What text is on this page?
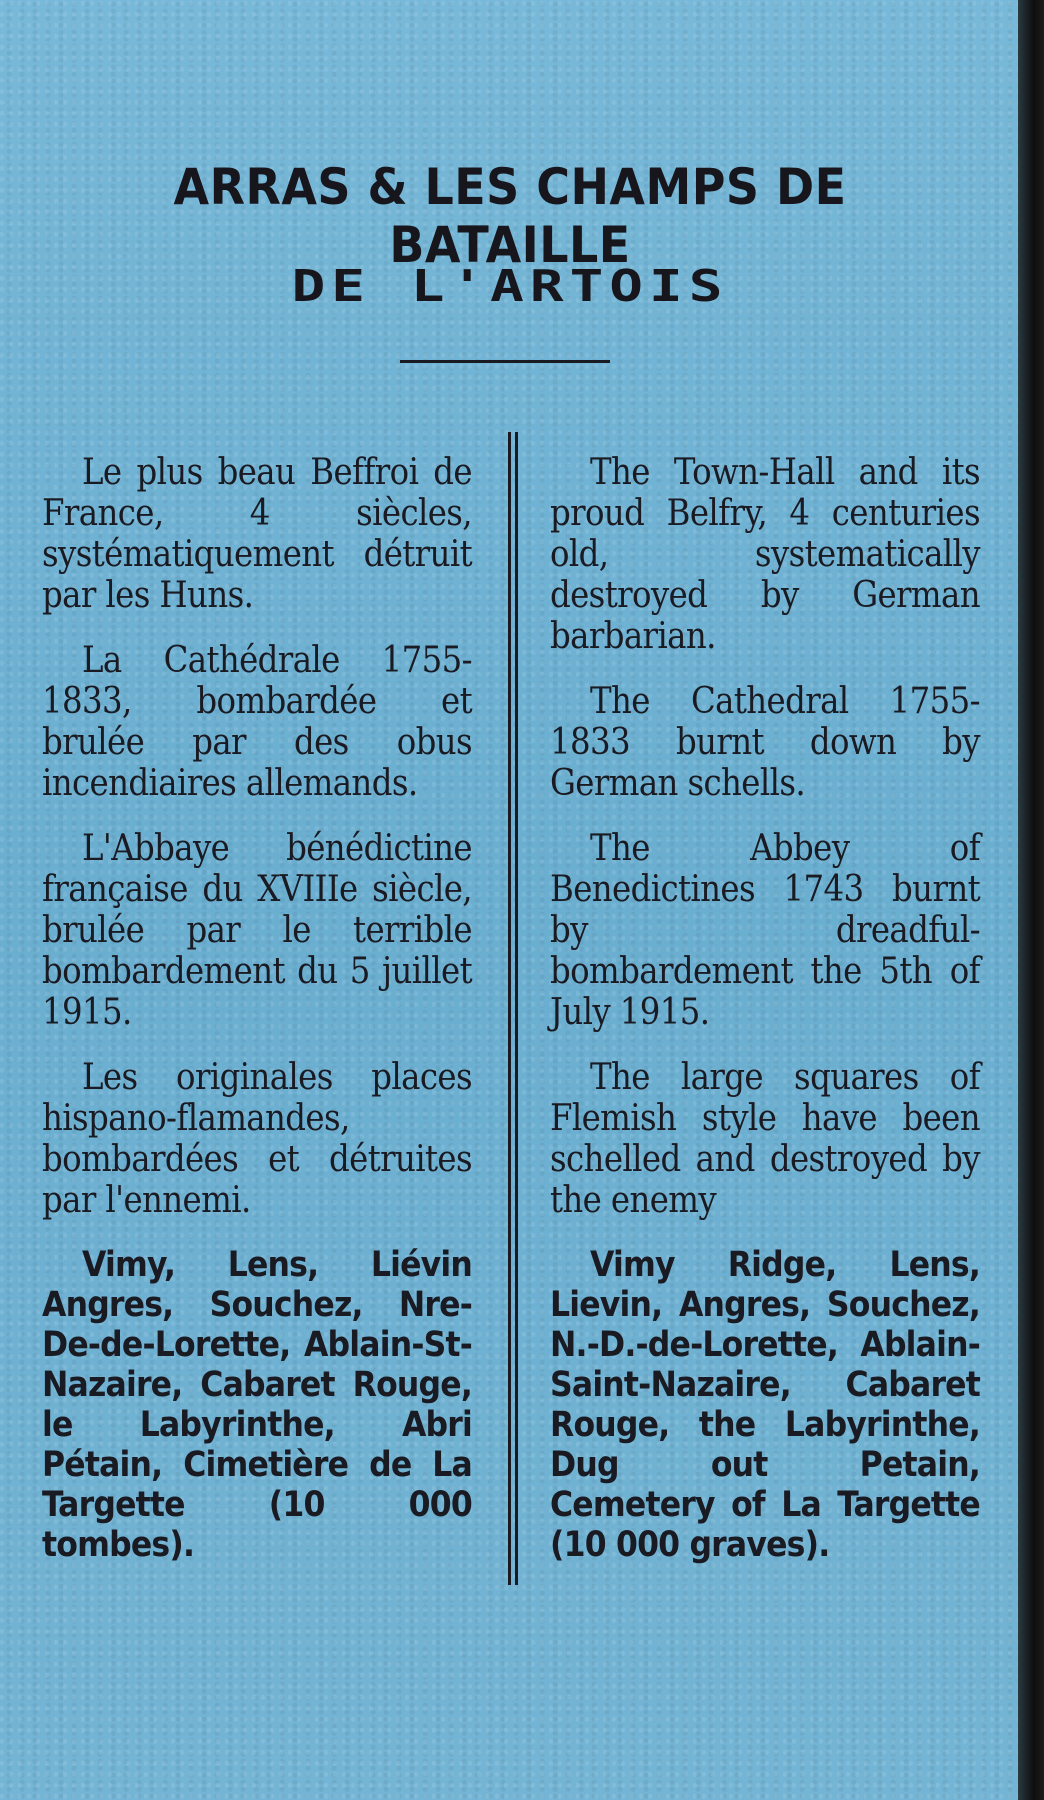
ARRAS & LES CHAMPS DE BATAILLE
DE L'ARTOIS

Le plus beau Beffroi de France, 4 siècles, systématiquement détruit par les Huns.

La Cathédrale 1755-1833, bombardée et brulée par des obus incendiaires allemands.

L'Abbaye bénédictine française du XVIIIe siècle, brulée par le terrible bombardement du 5 juillet 1915.

Les originales places hispano-flamandes, bombardées et détruites par l'ennemi.

Vimy, Lens, Liévin Angres, Souchez, Nre-De-de-Lorette, Ablain-St-Nazaire, Cabaret Rouge, le Labyrinthe, Abri Pétain, Cimetière de La Targette (10 000 tombes).

The Town-Hall and its proud Belfry, 4 centuries old, systematically destroyed by German barbarian.

The Cathedral 1755-1833 burnt down by German schells.

The Abbey of Benedictines 1743 burnt by dreadful-bombardement the 5th of July 1915.

The large squares of Flemish style have been schelled and destroyed by the enemy

Vimy Ridge, Lens, Lievin, Angres, Souchez, N.-D.-de-Lorette, Ablain-Saint-Nazaire, Cabaret Rouge, the Labyrinthe, Dug out Petain, Cemetery of La Targette (10 000 graves).
